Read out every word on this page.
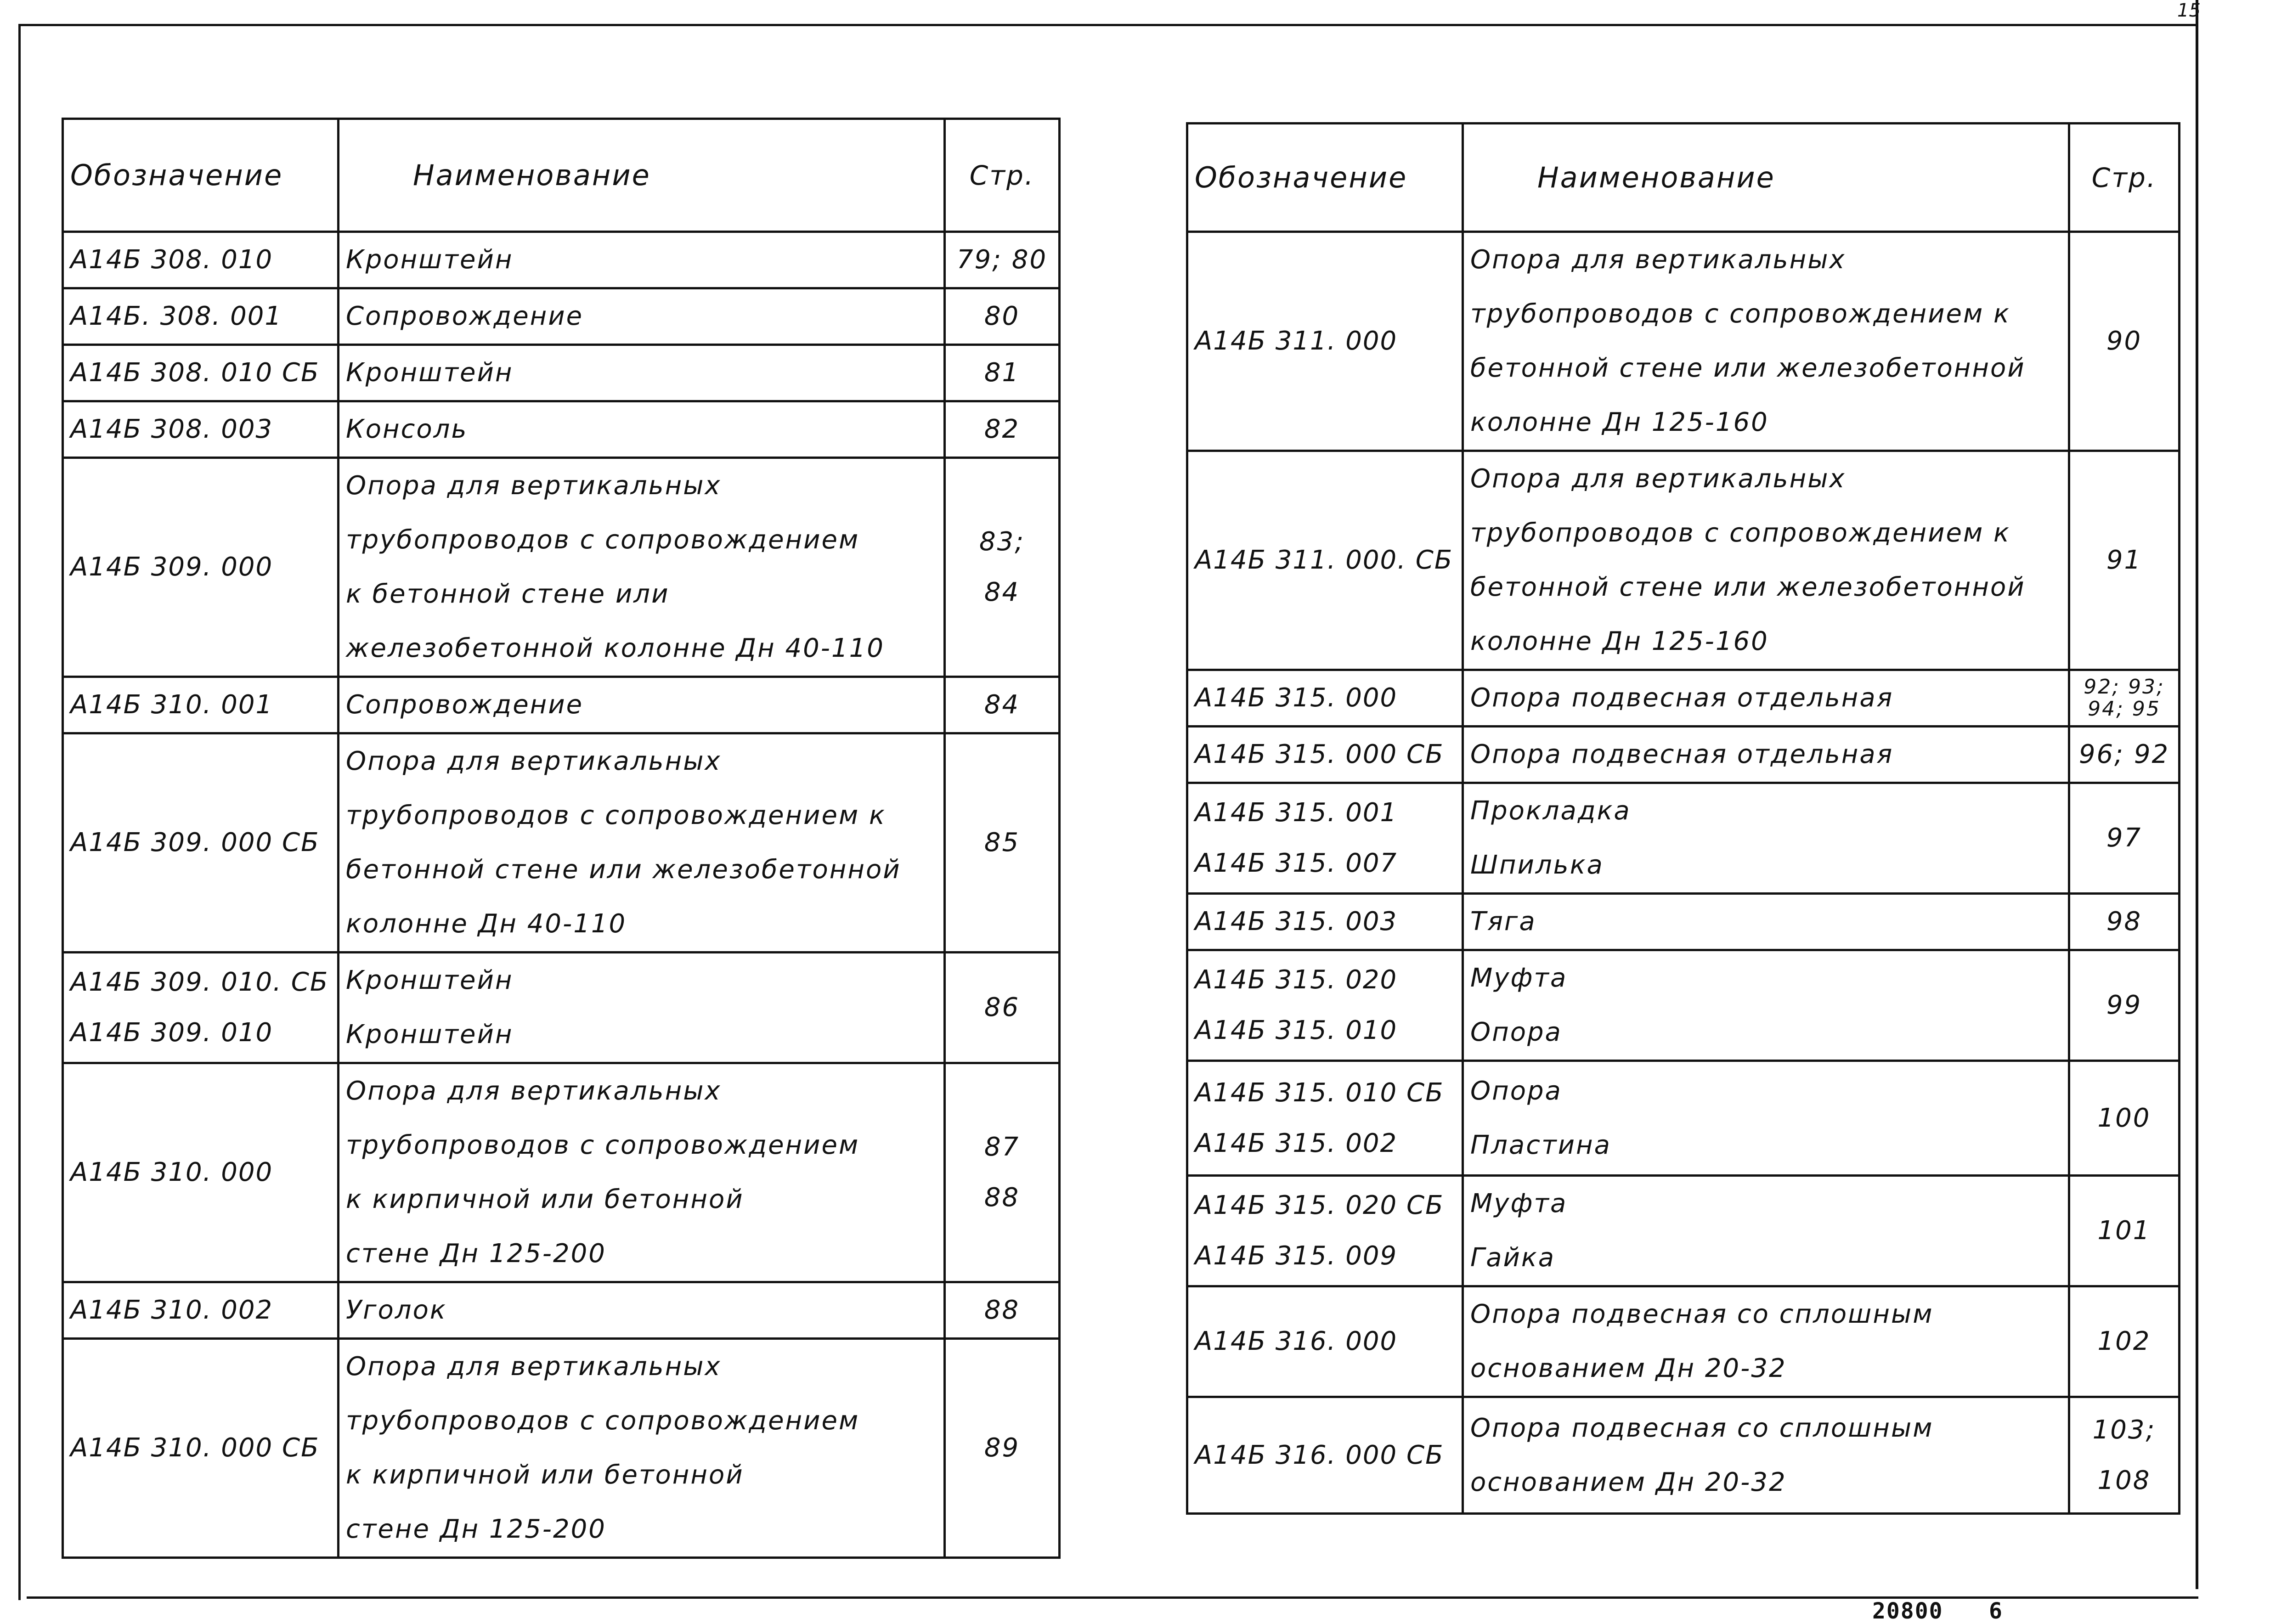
15
Обозначение	Наименование	Стр.

А14Б 308. 010	Кронштейн	79; 80

А14Б. 308. 001	Сопровождение	80

А14Б 308. 010 СБ	Кронштейн	81

А14Б 308. 003	Консоль	82

А14Б 309. 000	Опора для вертикальных
трубопроводов с сопровождением
к бетонной стене или
железобетонной колонне Дн 40-110	83;
84

А14Б 310. 001	Сопровождение	84

А14Б 309. 000 СБ	Опора для вертикальных
трубопроводов с сопровождением к
бетонной стене или железобетонной
колонне Дн 40-110	85

А14Б 309. 010. СБ
А14Б 309. 010	Кронштейн
Кронштейн	86

А14Б 310. 000	Опора для вертикальных
трубопроводов с сопровождением
к кирпичной или бетонной
стене Дн 125-200	87
88

А14Б 310. 002	Уголок	88

А14Б 310. 000 СБ	Опора для вертикальных
трубопроводов с сопровождением
к кирпичной или бетонной
стене Дн 125-200	89
Обозначение	Наименование	Стр.

А14Б 311. 000	Опора для вертикальных
трубопроводов с сопровождением к
бетонной стене или железобетонной
колонне Дн 125-160	90

А14Б 311. 000. СБ	Опора для вертикальных
трубопроводов с сопровождением к
бетонной стене или железобетонной
колонне Дн 125-160	91

А14Б 315. 000	Опора подвесная отдельная	92; 93;
94; 95

А14Б 315. 000 СБ	Опора подвесная отдельная	96; 92

А14Б 315. 001
А14Б 315. 007	Прокладка
Шпилька	97

А14Б 315. 003	Тяга	98

А14Б 315. 020
А14Б 315. 010	Муфта
Опора	99

А14Б 315. 010 СБ
А14Б 315. 002	Опора
Пластина	100

А14Б 315. 020 СБ
А14Б 315. 009	Муфта
Гайка	101

А14Б 316. 000	Опора подвесная со сплошным
основанием Дн 20-32	102

А14Б 316. 000 СБ	Опора подвесная со сплошным
основанием Дн 20-32	103;
108
20800 6
